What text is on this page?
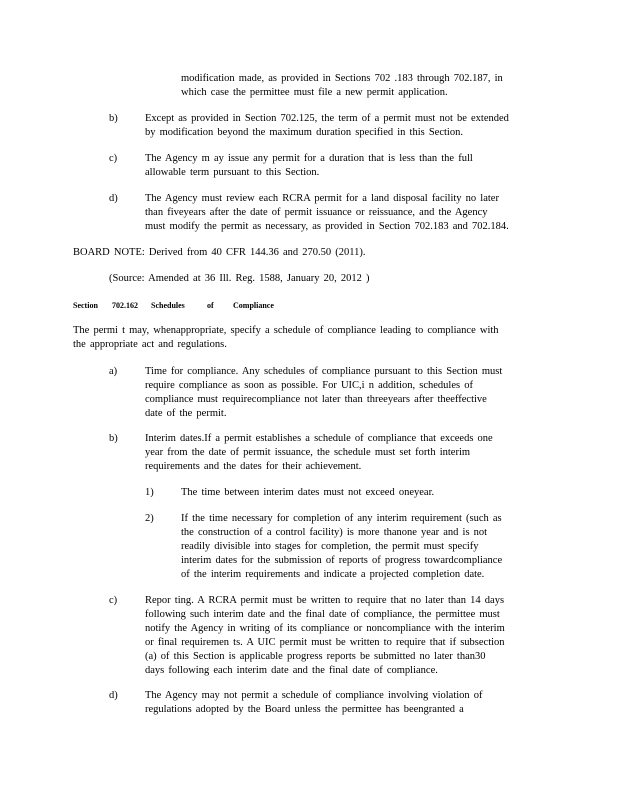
modification made, as provided in Sections 702 .183 through 702.187, in
which case the permittee must file a new permit application.
b)	Except as provided in Section 702.125, the term of a permit must not be extended
by modification beyond the maximum duration specified in this Section.
c)	The Agency m ay issue any permit for a duration that is less than the full
allowable term pursuant to this Section.
d)	The Agency must review each RCRA permit for a land disposal facility no later
than fiveyears after the date of permit issuance or reissuance, and the Agency
must modify the permit as necessary, as provided in Section 702.183 and 702.184.
BOARD NOTE: Derived from 40 CFR 144.36 and 270.50 (2011).
(Source: Amended at 36 Ill. Reg. 1588, January 20, 2012 )
Section 702.162 Schedules	of Compliance
The permi t may, whenappropriate, specify a schedule of compliance leading to compliance with
the appropriate act and regulations.
a)	Time for compliance. Any schedules of compliance pursuant to this Section must
require compliance as soon as possible. For UIC,i n addition, schedules of
compliance must requirecompliance not later than threeyears after theeffective
date of the permit.
b)	Interim dates.If a permit establishes a schedule of compliance that exceeds one
year from the date of permit issuance, the schedule must set forth interim
requirements and the dates for their achievement.
1)	The time between interim dates must not exceed oneyear.
2)	If the time necessary for completion of any interim requirement (such as
the construction of a control facility) is more thanone year and is not
readily divisible into stages for completion, the permit must specify
interim dates for the submission of reports of progress towardcompliance
of the interim requirements and indicate a projected completion date.
c)	Repor ting. A RCRA permit must be written to require that no later than 14 days
following such interim date and the final date of compliance, the permittee must
notify the Agency in writing of its compliance or noncompliance with the interim
or final requiremen ts. A UIC permit must be written to require that if subsection
(a) of this Section is applicable progress reports be submitted no later than30
days following each interim date and the final date of compliance.
d)	The Agency may not permit a schedule of compliance involving violation of
regulations adopted by the Board unless the permittee has beengranted a
